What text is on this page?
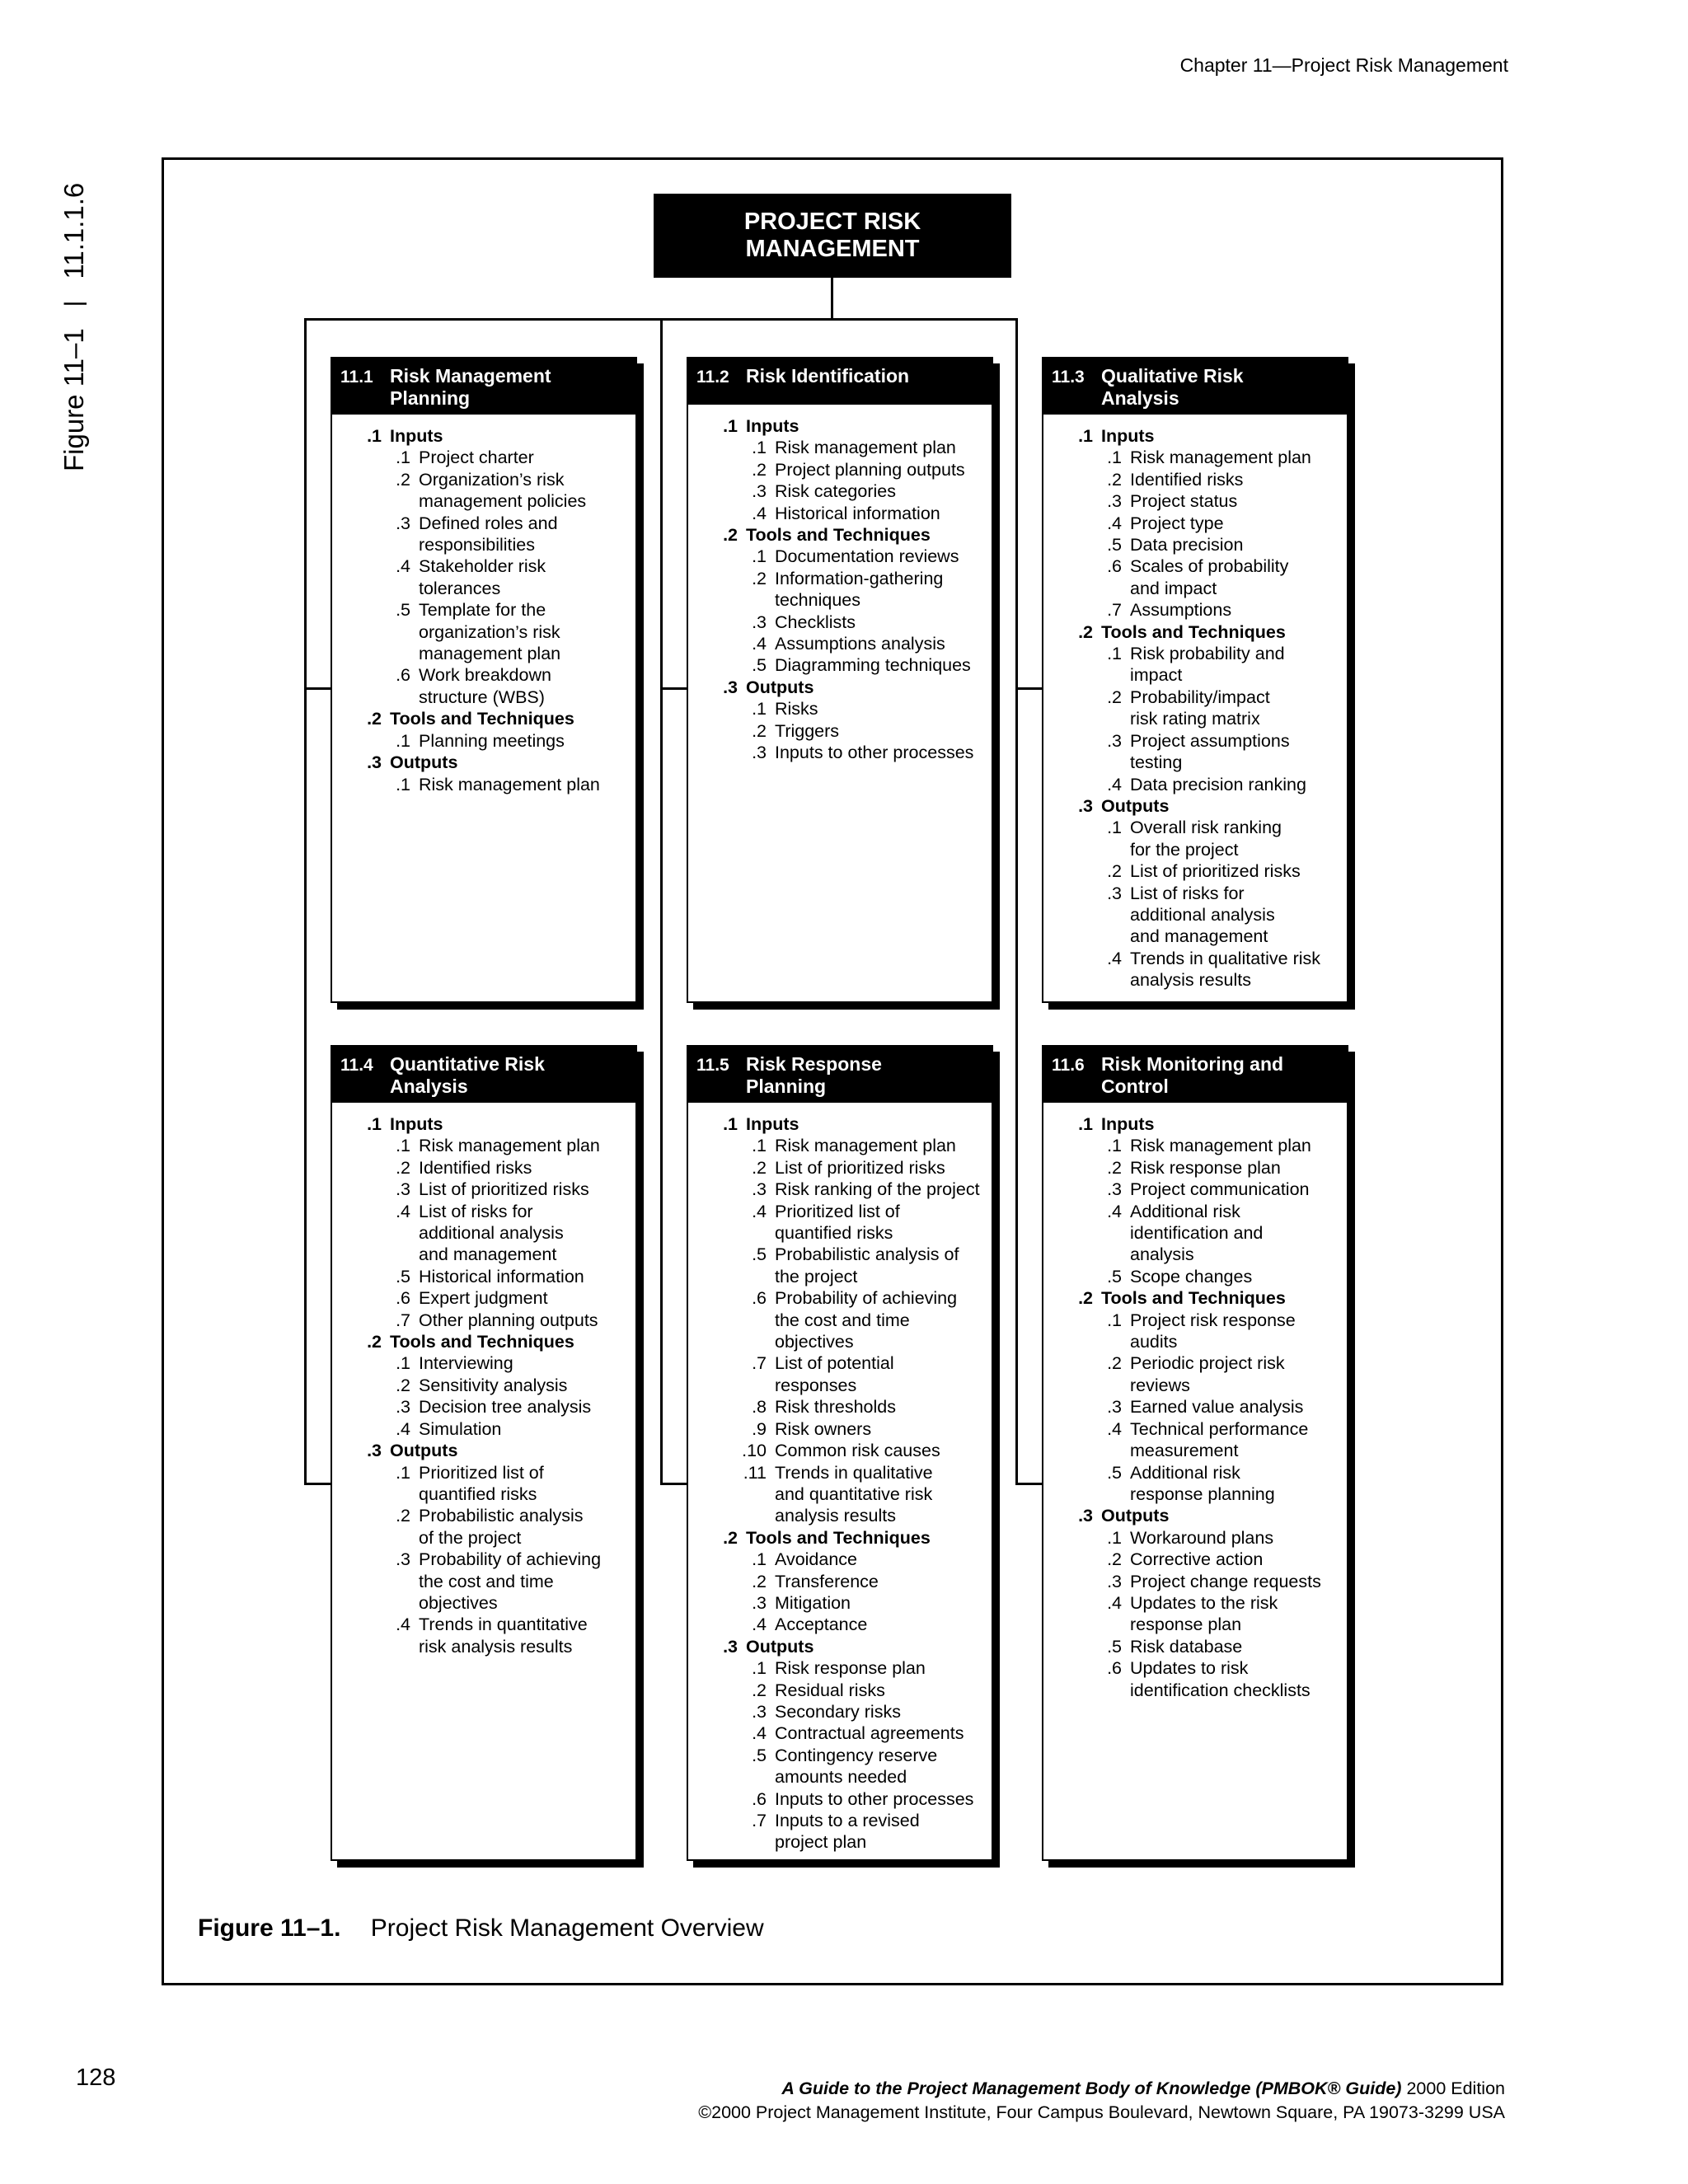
Chapter 11—Project Risk Management
Figure 11–1
|
11.1.1.6	PROJECT RISK
MANAGEMENT
11.1 Risk Management
Planning
.1 Inputs
.1 Project charter
.2 Organization’s risk
management policies
.3 Defined roles and
responsibilities
.4 Stakeholder risk
tolerances
.5 Template for the
organization’s risk
management plan
.6 Work breakdown
structure (WBS)
.2 Tools and Techniques
.1 Planning meetings
.3 Outputs
.1 Risk management plan
11.2 Risk Identification
.1 Inputs
.1 Risk management plan
.2 Project planning outputs
.3 Risk categories
.4 Historical information
.2 Tools and Techniques
.1 Documentation reviews
.2 Information-gathering
techniques
.3 Checklists
.4 Assumptions analysis
.5 Diagramming techniques
.3 Outputs
.1 Risks
.2 Triggers
.3 Inputs to other processes
11.3 Qualitative Risk
Analysis
.1 Inputs
.1 Risk management plan
.2 Identified risks
.3 Project status
.4 Project type
.5 Data precision
.6 Scales of probability
and impact
.7 Assumptions
.2 Tools and Techniques
.1 Risk probability and
impact
.2 Probability/impact
risk rating matrix
.3 Project assumptions
testing
.4 Data precision ranking
.3 Outputs
.1 Overall risk ranking
for the project
.2 List of prioritized risks
.3 List of risks for
additional analysis
and management
.4 Trends in qualitative risk
analysis results
11.4 Quantitative Risk
Analysis
.1 Inputs
.1 Risk management plan
.2 Identified risks
.3 List of prioritized risks
.4 List of risks for
additional analysis
and management
.5 Historical information
.6 Expert judgment
.7 Other planning outputs
.2 Tools and Techniques
.1 Interviewing
.2 Sensitivity analysis
.3 Decision tree analysis
.4 Simulation
.3 Outputs
.1 Prioritized list of
quantified risks
.2 Probabilistic analysis
of the project
.3 Probability of achieving
the cost and time
objectives
.4 Trends in quantitative
risk analysis results
11.5 Risk Response
Planning
.1 Inputs
.1 Risk management plan
.2 List of prioritized risks
.3 Risk ranking of the project
.4 Prioritized list of
quantified risks
.5 Probabilistic analysis of
the project
.6 Probability of achieving
the cost and time
objectives
.7 List of potential
responses
.8 Risk thresholds
.9 Risk owners
.10 Common risk causes
.11 Trends in qualitative
and quantitative risk
analysis results
.2 Tools and Techniques
.1 Avoidance
.2 Transference
.3 Mitigation
.4 Acceptance
.3 Outputs
.1 Risk response plan
.2 Residual risks
.3 Secondary risks
.4 Contractual agreements
.5 Contingency reserve
amounts needed
.6 Inputs to other processes
.7 Inputs to a revised
project plan
11.6 Risk Monitoring and
Control
.1 Inputs
.1 Risk management plan
.2 Risk response plan
.3 Project communication
.4 Additional risk
identification and
analysis
.5 Scope changes
.2 Tools and Techniques
.1 Project risk response
audits
.2 Periodic project risk
reviews
.3 Earned value analysis
.4 Technical performance
measurement
.5 Additional risk
response planning
.3 Outputs
.1 Workaround plans
.2 Corrective action
.3 Project change requests
.4 Updates to the risk
response plan
.5 Risk database
.6 Updates to risk
identification checklists
Figure 11–1. Project Risk Management Overview
128	A Guide to the Project Management Body of Knowledge (PMBOK® Guide) 2000 Edition
©2000 Project Management Institute, Four Campus Boulevard, Newtown Square, PA 19073-3299 USA
